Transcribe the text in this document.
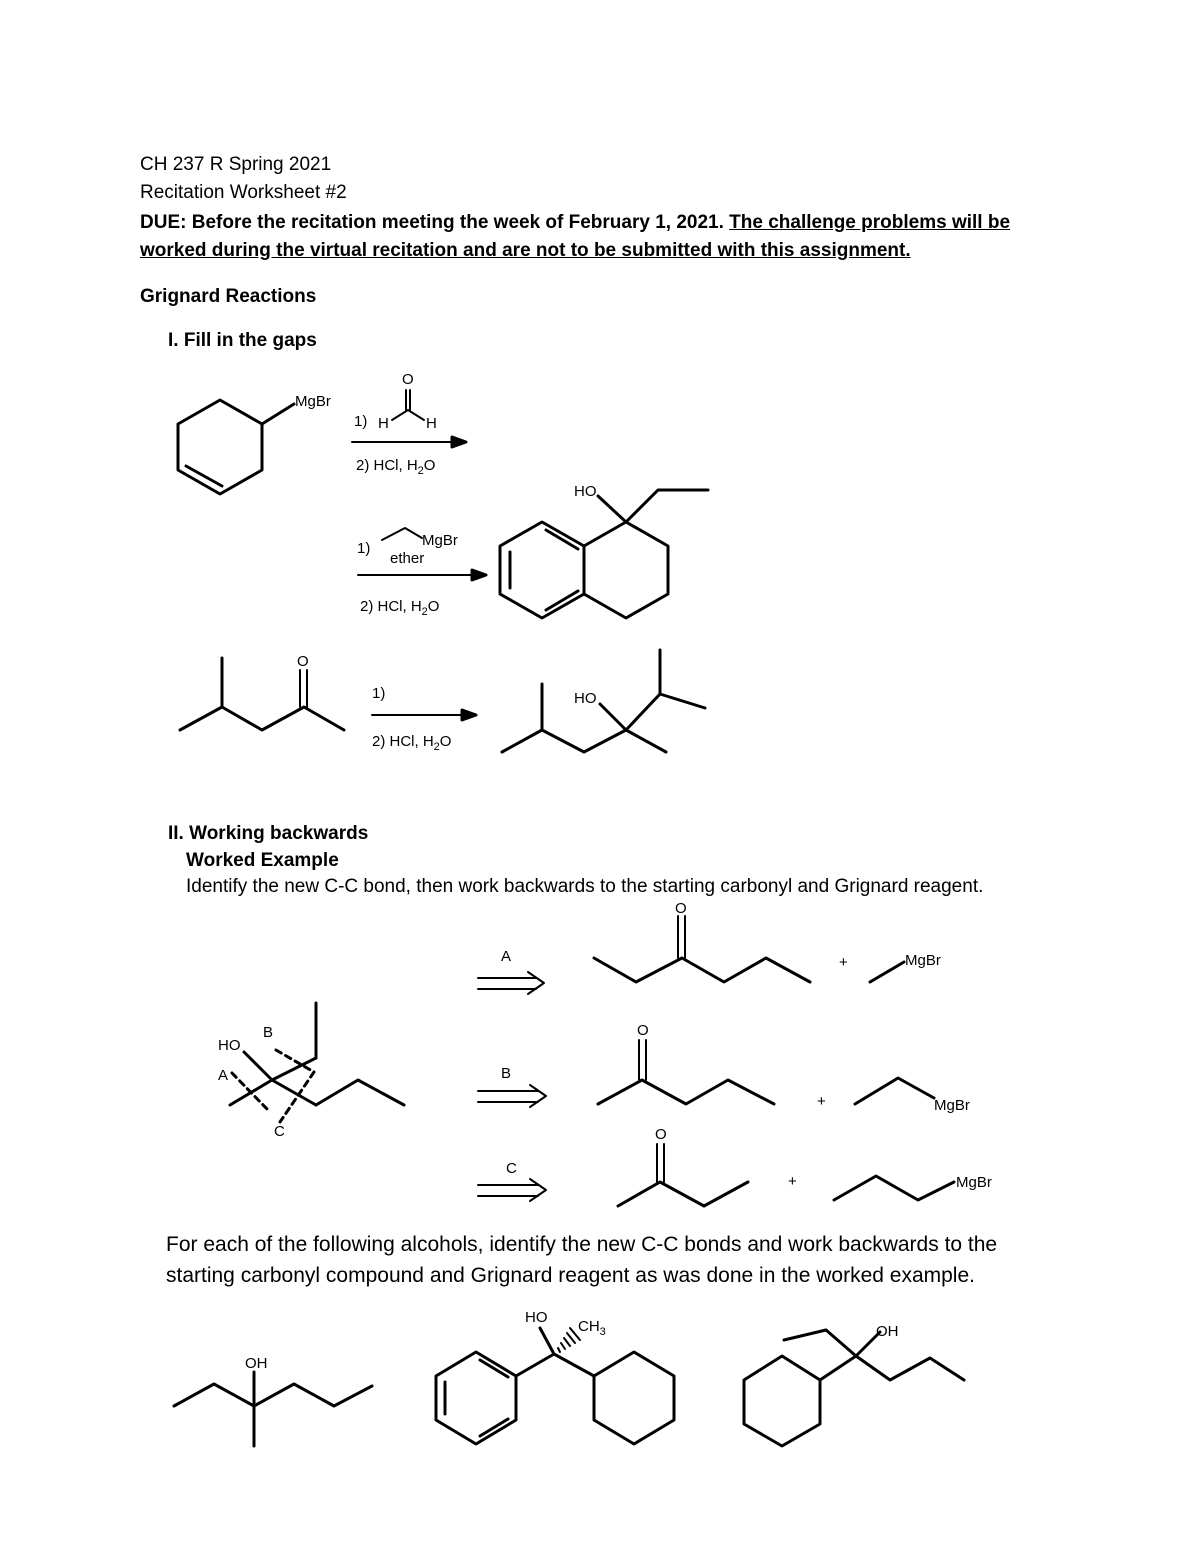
CH 237 R Spring 2021
Recitation Worksheet #2
DUE: Before the recitation meeting the week of February 1, 2021. The challenge problems will be
worked during the virtual recitation and are not to be submitted with this assignment.
Grignard Reactions
I. Fill in the gaps
II. Working backwards
Worked Example
Identify the new C-C bond, then work backwards to the starting carbonyl and Grignard reagent.
For each of the following alcohols, identify the new C-C bonds and work backwards to the
starting carbonyl compound and Grignard reagent as was done in the worked example.
MgBr
O
1) H H
2) HCl, $H_2O$
1)	MgBr
ether
2) HCl, $H_2O$
HO
O
1)
2) HCl, $H_2O$
HO
HO
A
B
C
A
O
+	MgBr
B
O
+	MgBr
C
O
+	MgBr
OH
HO
$CH_3$	OH
